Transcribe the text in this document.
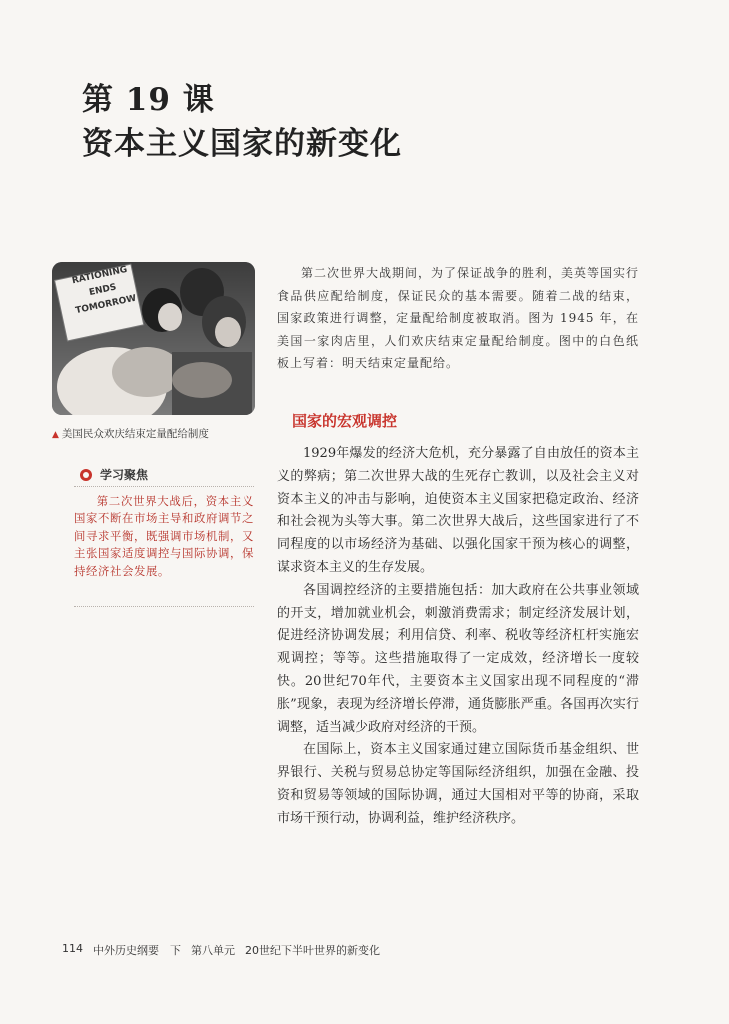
第 19 课
资本主义国家的新变化
RATIONING
ENDS
TOMORROW
▲ 美国民众欢庆结束定量配给制度
学习聚焦
第二次世界大战后，资本主义国家不断在市场主导和政府调节之间寻求平衡，既强调市场机制，又主张国家适度调控与国际协调，保持经济社会发展。
第二次世界大战期间，为了保证战争的胜利，美英等国实行食品供应配给制度，保证民众的基本需要。随着二战的结束，国家政策进行调整，定量配给制度被取消。图为 1945 年，在美国一家肉店里，人们欢庆结束定量配给制度。图中的白色纸板上写着：明天结束定量配给。
国家的宏观调控

1929年爆发的经济大危机，充分暴露了自由放任的资本主义的弊病；第二次世界大战的生死存亡教训，以及社会主义对资本主义的冲击与影响，迫使资本主义国家把稳定政治、经济和社会视为头等大事。第二次世界大战后，这些国家进行了不同程度的以市场经济为基础、以强化国家干预为核心的调整，谋求资本主义的生存发展。

各国调控经济的主要措施包括：加大政府在公共事业领域的开支，增加就业机会，刺激消费需求；制定经济发展计划，促进经济协调发展；利用信贷、利率、税收等经济杠杆实施宏观调控；等等。这些措施取得了一定成效，经济增长一度较快。20世纪70年代，主要资本主义国家出现不同程度的“滞胀”现象，表现为经济增长停滞，通货膨胀严重。各国再次实行调整，适当减少政府对经济的干预。

在国际上，资本主义国家通过建立国际货币基金组织、世界银行、关税与贸易总协定等国际经济组织，加强在金融、投资和贸易等领域的国际协调，通过大国相对平等的协商，采取市场干预行动，协调利益，维护经济秩序。

114 中外历史纲要　下 第八单元 20世纪下半叶世界的新变化
